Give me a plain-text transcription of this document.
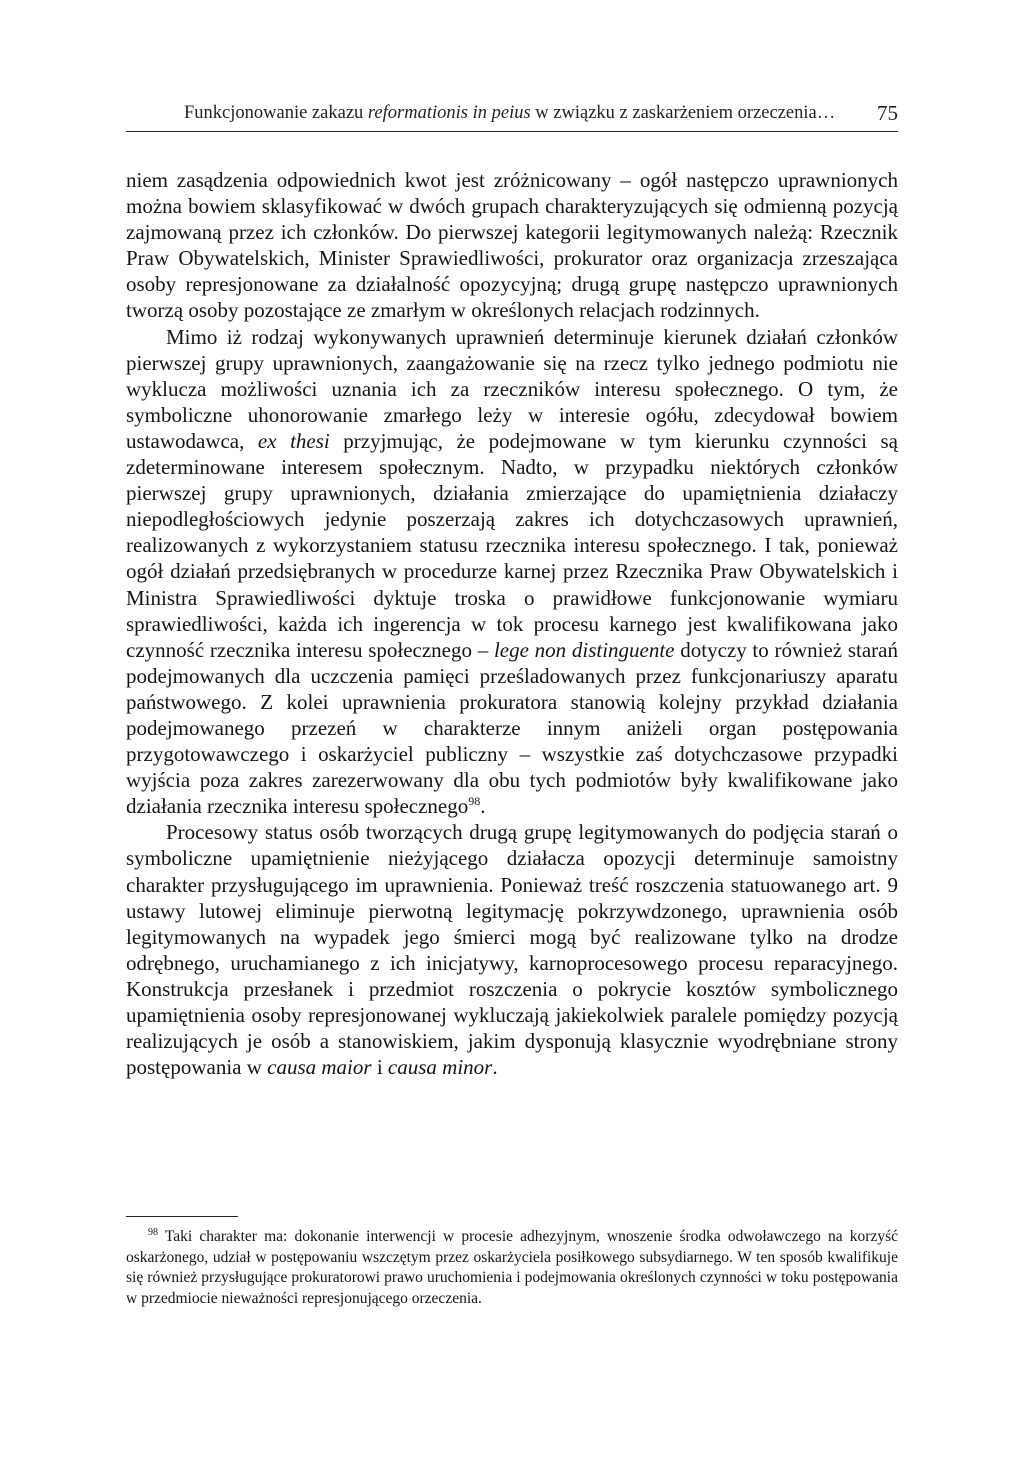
Funkcjonowanie zakazu reformationis in peius w związku z zaskarżeniem orzeczenia… 75

niem zasądzenia odpowiednich kwot jest zróżnicowany – ogół następczo uprawnionych można bowiem sklasyfikować w dwóch grupach charakteryzujących się odmienną pozycją zajmowaną przez ich członków. Do pierwszej kategorii legitymowanych należą: Rzecznik Praw Obywatelskich, Minister Sprawiedliwości, prokurator oraz organizacja zrzeszająca osoby represjonowane za działalność opozycyjną; drugą grupę następczo uprawnionych tworzą osoby pozostające ze zmarłym w określonych relacjach rodzinnych.

Mimo iż rodzaj wykonywanych uprawnień determinuje kierunek działań członków pierwszej grupy uprawnionych, zaangażowanie się na rzecz tylko jednego podmiotu nie wyklucza możliwości uznania ich za rzeczników interesu społecznego. O tym, że symboliczne uhonorowanie zmarłego leży w interesie ogółu, zdecydował bowiem ustawodawca, ex thesi przyjmując, że podejmowane w tym kierunku czynności są zdeterminowane interesem społecznym. Nadto, w przypadku niektórych członków pierwszej grupy uprawnionych, działania zmierzające do upamiętnienia działaczy niepodległościowych jedynie poszerzają zakres ich dotychczasowych uprawnień, realizowanych z wykorzystaniem statusu rzecznika interesu społecznego. I tak, ponieważ ogół działań przedsiębranych w procedurze karnej przez Rzecznika Praw Obywatelskich i Ministra Sprawiedliwości dyktuje troska o prawidłowe funkcjonowanie wymiaru sprawiedliwości, każda ich ingerencja w tok procesu karnego jest kwalifikowana jako czynność rzecznika interesu społecznego – lege non distinguente dotyczy to również starań podejmowanych dla uczczenia pamięci prześladowanych przez funkcjonariuszy aparatu państwowego. Z kolei uprawnienia prokuratora stanowią kolejny przykład działania podejmowanego przezeń w charakterze innym aniżeli organ postępowania przygotowawczego i oskarżyciel publiczny – wszystkie zaś dotychczasowe przypadki wyjścia poza zakres zarezerwowany dla obu tych podmiotów były kwalifikowane jako działania rzecznika interesu społecznego$^{98}$.

Procesowy status osób tworzących drugą grupę legitymowanych do podjęcia starań o symboliczne upamiętnienie nieżyjącego działacza opozycji determinuje samoistny charakter przysługującego im uprawnienia. Ponieważ treść roszczenia statuowanego art. 9 ustawy lutowej eliminuje pierwotną legitymację pokrzywdzonego, uprawnienia osób legitymowanych na wypadek jego śmierci mogą być realizowane tylko na drodze odrębnego, uruchamianego z ich inicjatywy, karnoprocesowego procesu reparacyjnego. Konstrukcja przesłanek i przedmiot roszczenia o pokrycie kosztów symbolicznego upamiętnienia osoby represjonowanej wykluczają jakiekolwiek paralele pomiędzy pozycją realizujących je osób a stanowiskiem, jakim dysponują klasycznie wyodrębniane strony postępowania w causa maior i causa minor.

$^{98}$ Taki charakter ma: dokonanie interwencji w procesie adhezyjnym, wnoszenie środka odwoławczego na korzyść oskarżonego, udział w postępowaniu wszczętym przez oskarżyciela posiłkowego subsydiarnego. W ten sposób kwalifikuje się również przysługujące prokuratorowi prawo uruchomienia i podejmowania określonych czynności w toku postępowania w przedmiocie nieważności represjonującego orzeczenia.
